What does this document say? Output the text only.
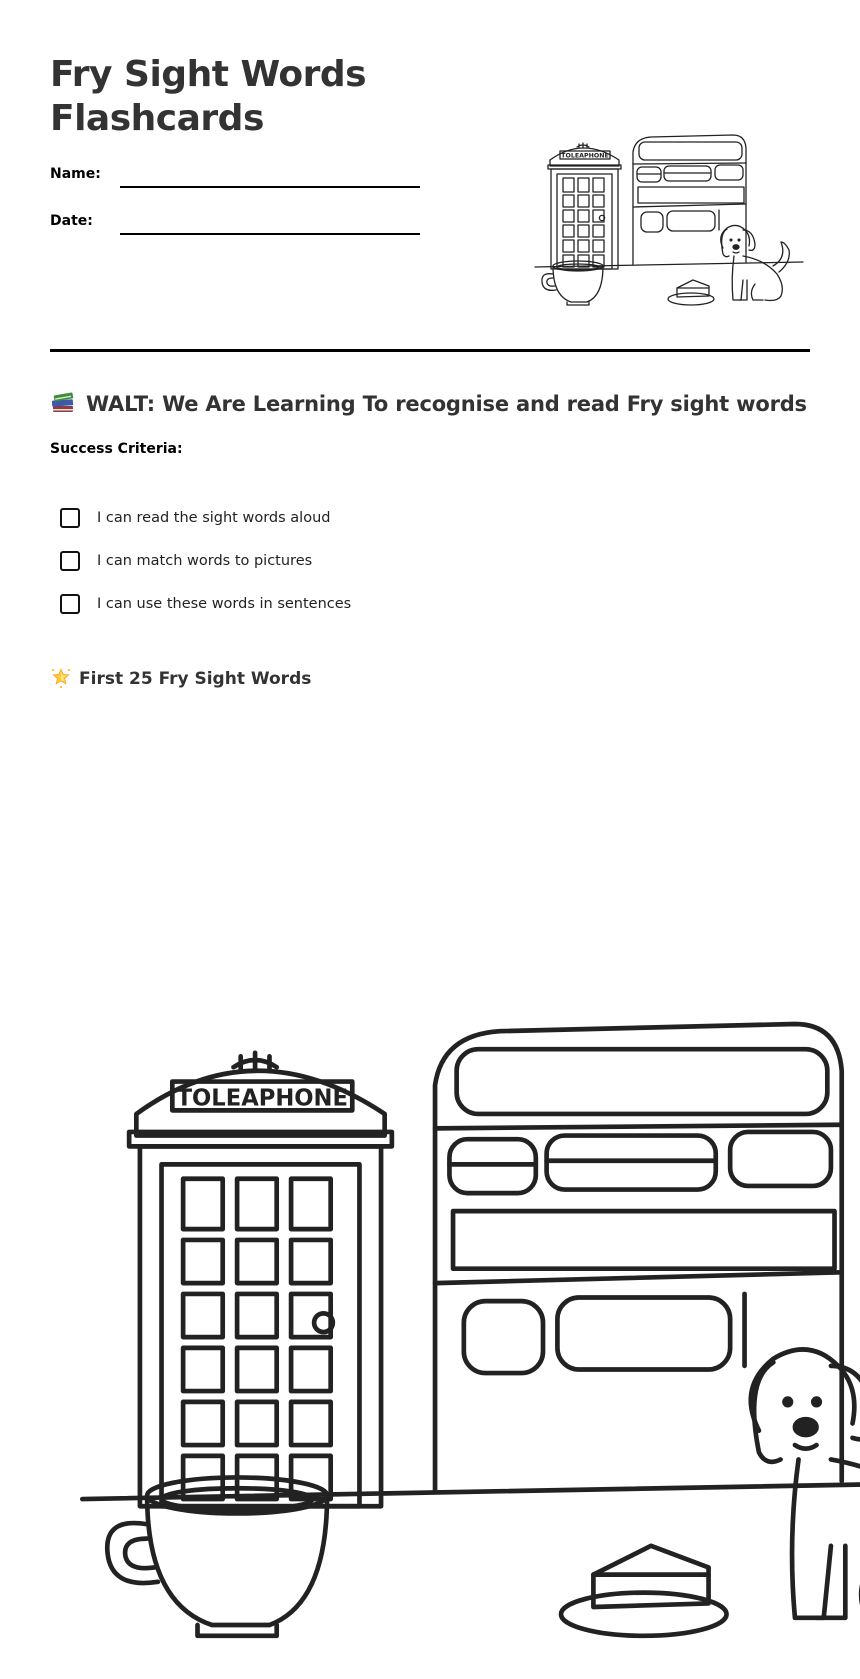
Fry Sight Words
Flashcards
Name:
Date:
WALT: We Are Learning To recognise and read Fry sight words
Success Criteria:
I can read the sight words aloud
I can match words to pictures
I can use these words in sentences
First 25 Fry Sight Words
